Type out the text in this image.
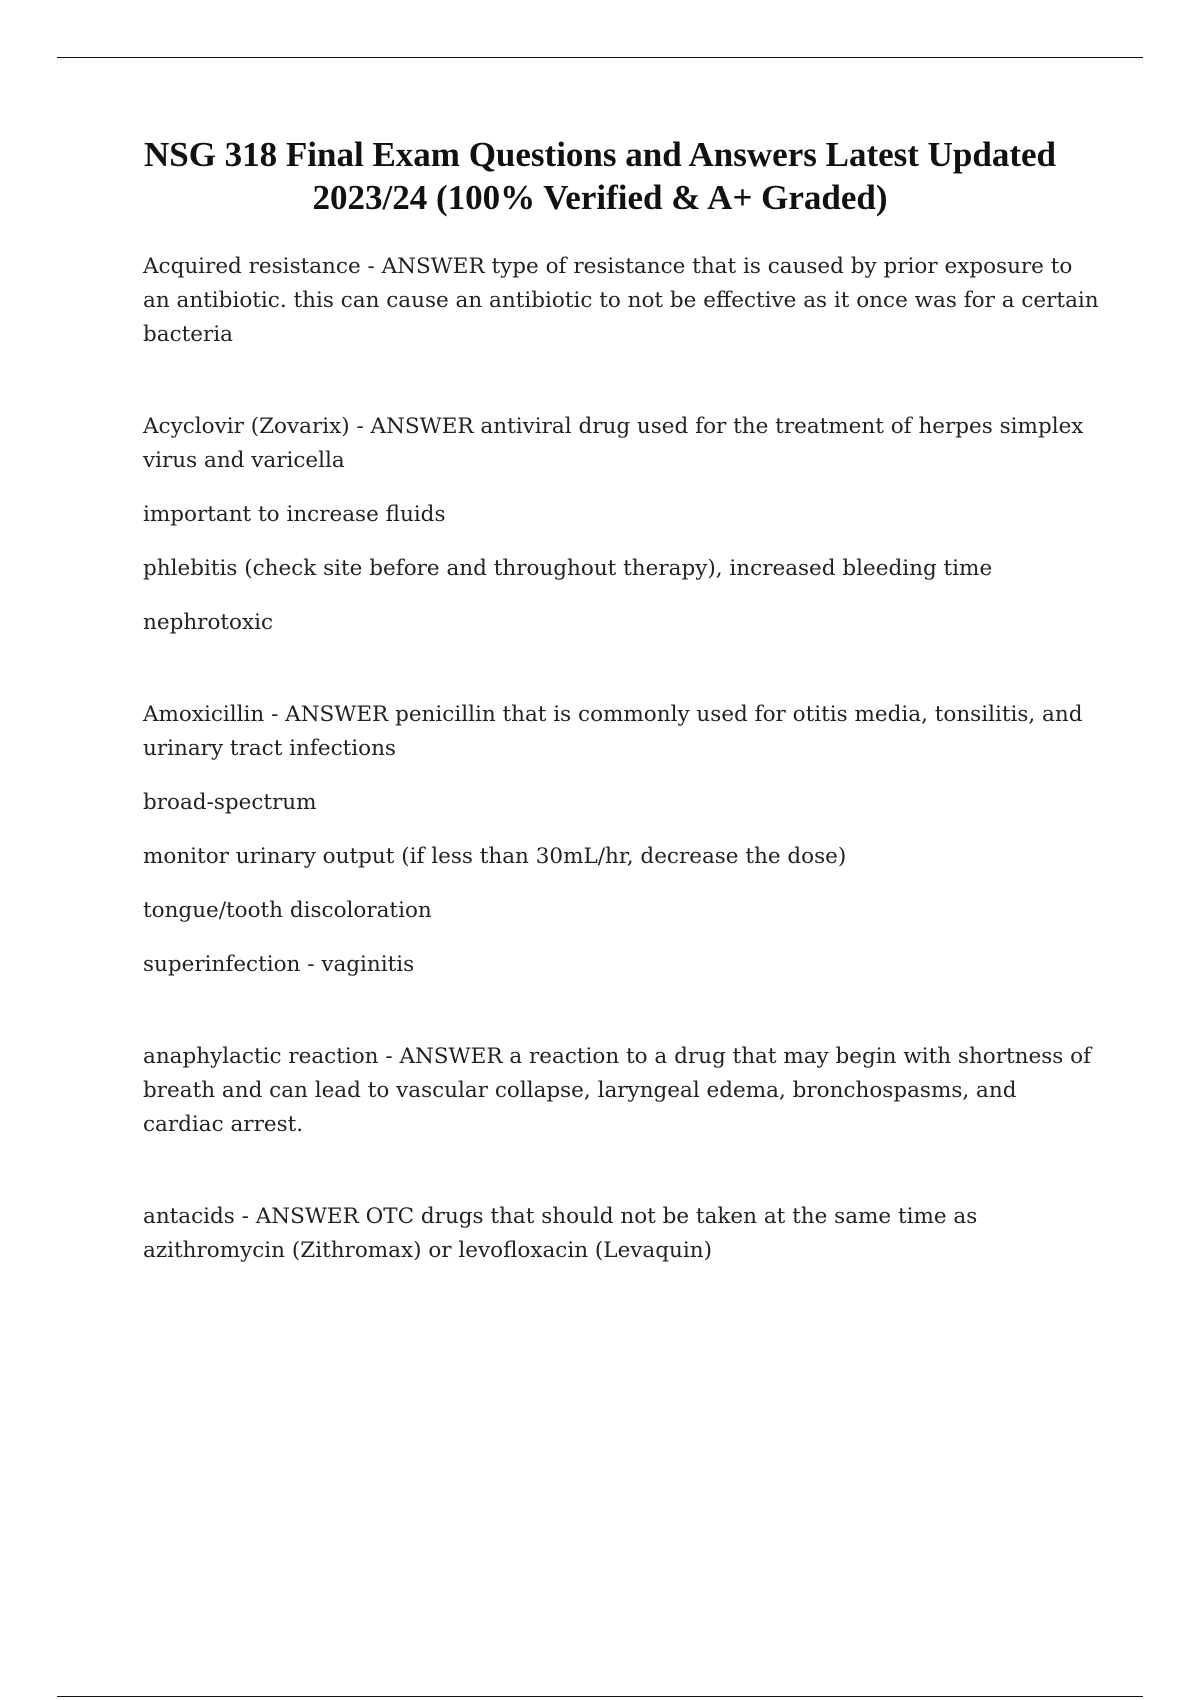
NSG 318 Final Exam Questions and Answers Latest Updated
2023/24 (100% Verified & A+ Graded)

Acquired resistance - ANSWER type of resistance that is caused by prior exposure to an antibiotic. this can cause an antibiotic to not be effective as it once was for a certain bacteria

Acyclovir (Zovarix) - ANSWER antiviral drug used for the treatment of herpes simplex virus and varicella

important to increase fluids

phlebitis (check site before and throughout therapy), increased bleeding time

nephrotoxic

Amoxicillin - ANSWER penicillin that is commonly used for otitis media, tonsilitis, and urinary tract infections

broad-spectrum

monitor urinary output (if less than 30mL/hr, decrease the dose)

tongue/tooth discoloration

superinfection - vaginitis

anaphylactic reaction - ANSWER a reaction to a drug that may begin with shortness of breath and can lead to vascular collapse, laryngeal edema, bronchospasms, and cardiac arrest.

antacids - ANSWER OTC drugs that should not be taken at the same time as azithromycin (Zithromax) or levofloxacin (Levaquin)
